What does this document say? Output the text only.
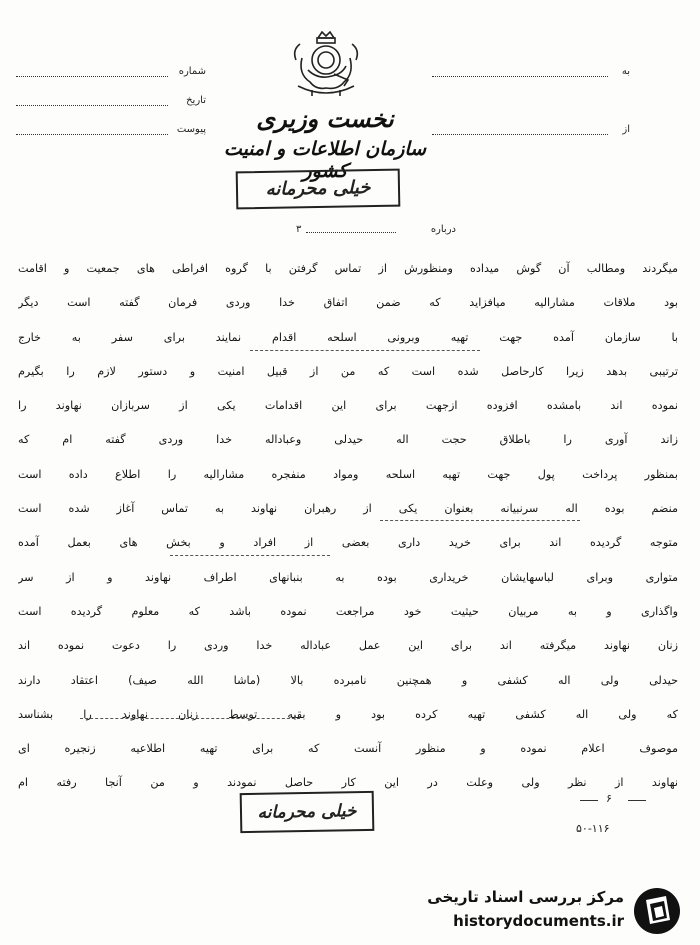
نخست وزیری
سازمان اطلاعات و امنیت کشور
خیلی محرمانه
به
از
شماره
تاریخ
پیوست
درباره
۳
میگردند ومطالب آن گوش میداده ومنظورش از تماس گرفتن با گروه افراطی های جمعیت و اقامت
بود ملاقات مشارالیه میافزاید که ضمن اتفاق خدا وردی فرمان گفته است دیگر
با سازمان آمده جهت تهیه وبرونی اسلحه اقدام نمایند برای سفر به خارج
ترتیبی بدهد زیرا کارحاصل شده است که من از قبیل امنیت و دستور لازم را بگیرم
نموده اند بامشده افزوده ازجهت برای این اقدامات یکی از سربازان نهاوند را
زاند آوری را باطلاق حجت اله حیدلی وعباداله خدا وردی گفته ام که
بمنظور پرداخت پول جهت تهیه اسلحه ومواد منفجره مشارالیه را اطلاع داده است
منضم بوده اله سرنبیانه بعنوان یکی از رهبران نهاوند به تماس آغاز شده است
متوجه گردیده اند برای خرید داری بعضی از افراد و بخش های بعمل آمده
متواری وبرای لباسهایشان خریداری بوده به بنبانهای اطراف نهاوند و از سر
واگذاری و به مربیان حیثیت خود مراجعت نموده باشد که معلوم گردیده است
زنان نهاوند میگرفته اند برای این عمل عباداله خدا وردی را دعوت نموده اند
حیدلی ولی اله کشفی و همچنین نامبرده بالا (ماشا الله صیف) اعتقاد دارند
که ولی اله کشفی تهیه کرده بود و بقیه توسط زنان نهاوند را بشناسد
موصوف اعلام نموده و منظور آنست که برای تهیه اطلاعیه زنجیره ای
نهاوند از نظر ولی وعلت در این کار حاصل نمودند و من آنجا رفته ام
خیلی محرمانه
۶
۵۰-۱۱۶
مرکز بررسی اسناد تاریخی
historydocuments.ir
